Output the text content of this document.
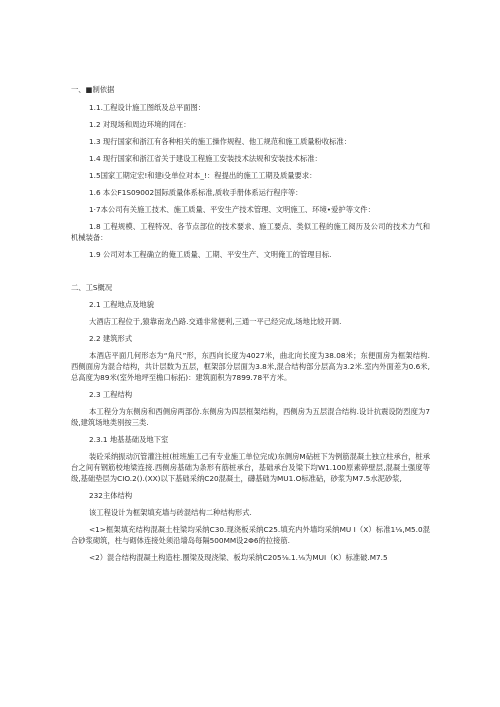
一、■制依据

1.1.工程设计施工图纸及总平面图：

1.2 对现场和周边环境的同在：

1.3 现行国家和浙江有各种相关的施工操作规程、他工规范和施工质量粉收标准：

1.4 现行国家和浙江省关于建设工程施工安装技术法规和安装技术标准：

1.5国家工期定宏!和建i殳单位对本_!：程提出的施工工期及质量要求：

1.6 本公F1S09002国际质量体系标准,质收手册体系运行程序等：

1·7本公司有关施工技术、施工质量、平安生产技术管理、文明施工、环境•爱护等文件：

1.8 工程规模、工程特况、各节点部位的技术要求、施工要点、类似工程的施工阅历及公司的技术力气和机械装备：

1.9 公司对本工程确立的俺工质量、工期、平安生产、文明俺工的管理目标.

二、工S概况

2.1 工程地点及地貌

大酒店工程位于,猿靠南龙凸路.交通非常便利,三通一平己经完成,场地比较开调.

2.2 建筑形式

本酒店平面几何形态为“角尺”形，东西向长度为4027米，曲北向长度为38.08米；东便面房为框架结构.西侧面房为混合结构，共计层数为五层，框架部分层面为3.8米,混合结构部分层高为3.2米.室内外面差为0.6米,总高度为89米(室外地坪至檐口标拓)：建筑面积为7899.78平方米。

2.3 工程结构

本工程分为东侧房和西侧房两部份.东侧房为四层框架结构，西侧房为五层混合结构.设计抗震设防烈度为7级,建筑场地类别按三类.

2.3.1 地基基础及地下室

装砼采纳振动沉管灌注桩(桩班施工己有专业施工单位完成)东侧房M砧桩下为例筋混凝土独立柱承台，桩承台之间有钢筋校地梁连接.西侧房基础为条形有筋桩承台，基础承台及梁下均W1.100原素碎壁层,混凝土强度等级,基础垫层为CIO.2().(XX)以下基础采纳C20混凝土，礴基础为MU1.O标准砧，砂浆为M7.5水泥砂浆,

232主体结构

该工程设计为框架填充墙与砖混结构二种结构形式.

<1>框架填充结构混凝土柱梁均采纳C30.现浇板采纳C25.填充内外墙均采纳MU I（X）标准1⅛,M5.0混合砂浆砌筑，柱与砌体连接处须沿墙岛每隔500MM设2Φ6的拉接筋.

<2）混合结构混凝土构造柱.圈梁及现浇梁、板均采纳C205⅛.1.⅛为MUI（K）标准破.M7.5
